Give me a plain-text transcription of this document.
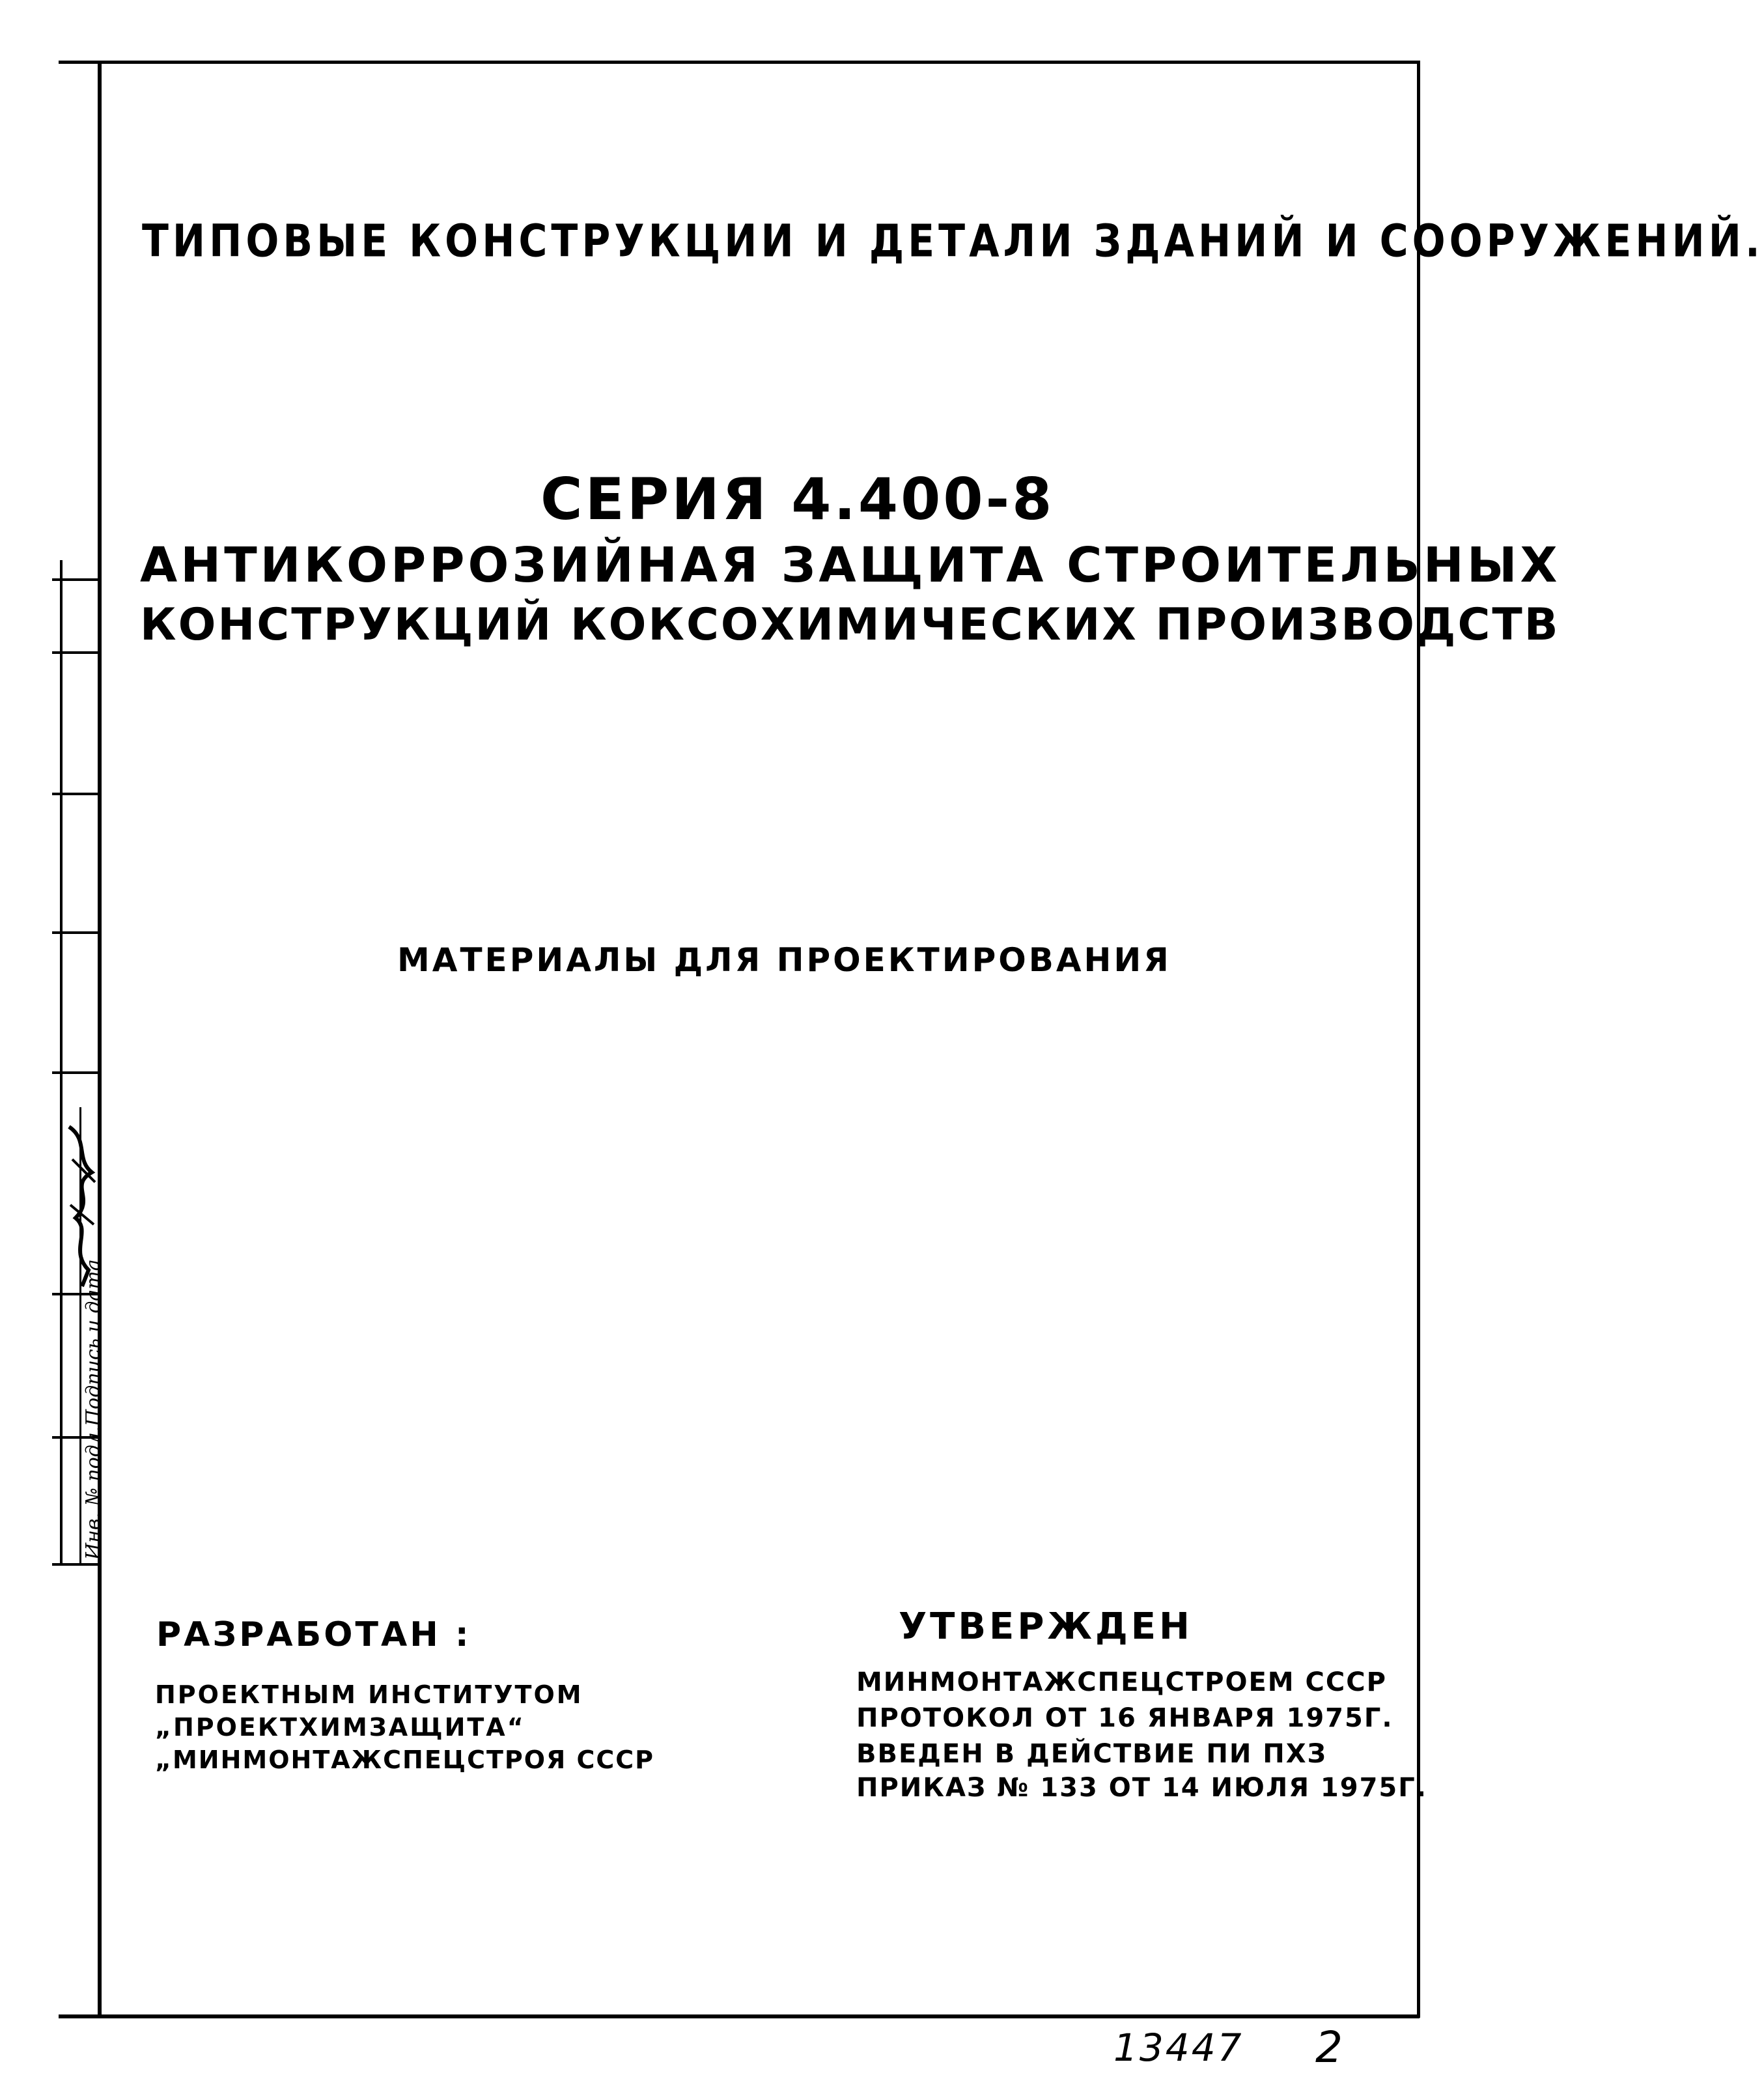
Инв. № подл.
Подпись и дата
ТИПОВЫЕ КОНСТРУКЦИИ И ДЕТАЛИ ЗДАНИЙ И СООРУЖЕНИЙ.
СЕРИЯ 4.400-8
АНТИКОРРОЗИЙНАЯ ЗАЩИТА СТРОИТЕЛЬНЫХ
КОНСТРУКЦИЙ КОКСОХИМИЧЕСКИХ ПРОИЗВОДСТВ
МАТЕРИАЛЫ ДЛЯ ПРОЕКТИРОВАНИЯ
РАЗРАБОТАН :
ПРОЕКТНЫМ ИНСТИТУТОМ
„ПРОЕКТХИМЗАЩИТА“
„МИНМОНТАЖСПЕЦСТРОЯ СССР
УТВЕРЖДЕН
МИНМОНТАЖСПЕЦСТРОЕМ СССР
ПРОТОКОЛ ОТ 16 ЯНВАРЯ 1975Г.
ВВЕДЕН В ДЕЙСТВИЕ ПИ ПХЗ
ПРИКАЗ № 133 ОТ 14 ИЮЛЯ 1975Г.
13447 2
